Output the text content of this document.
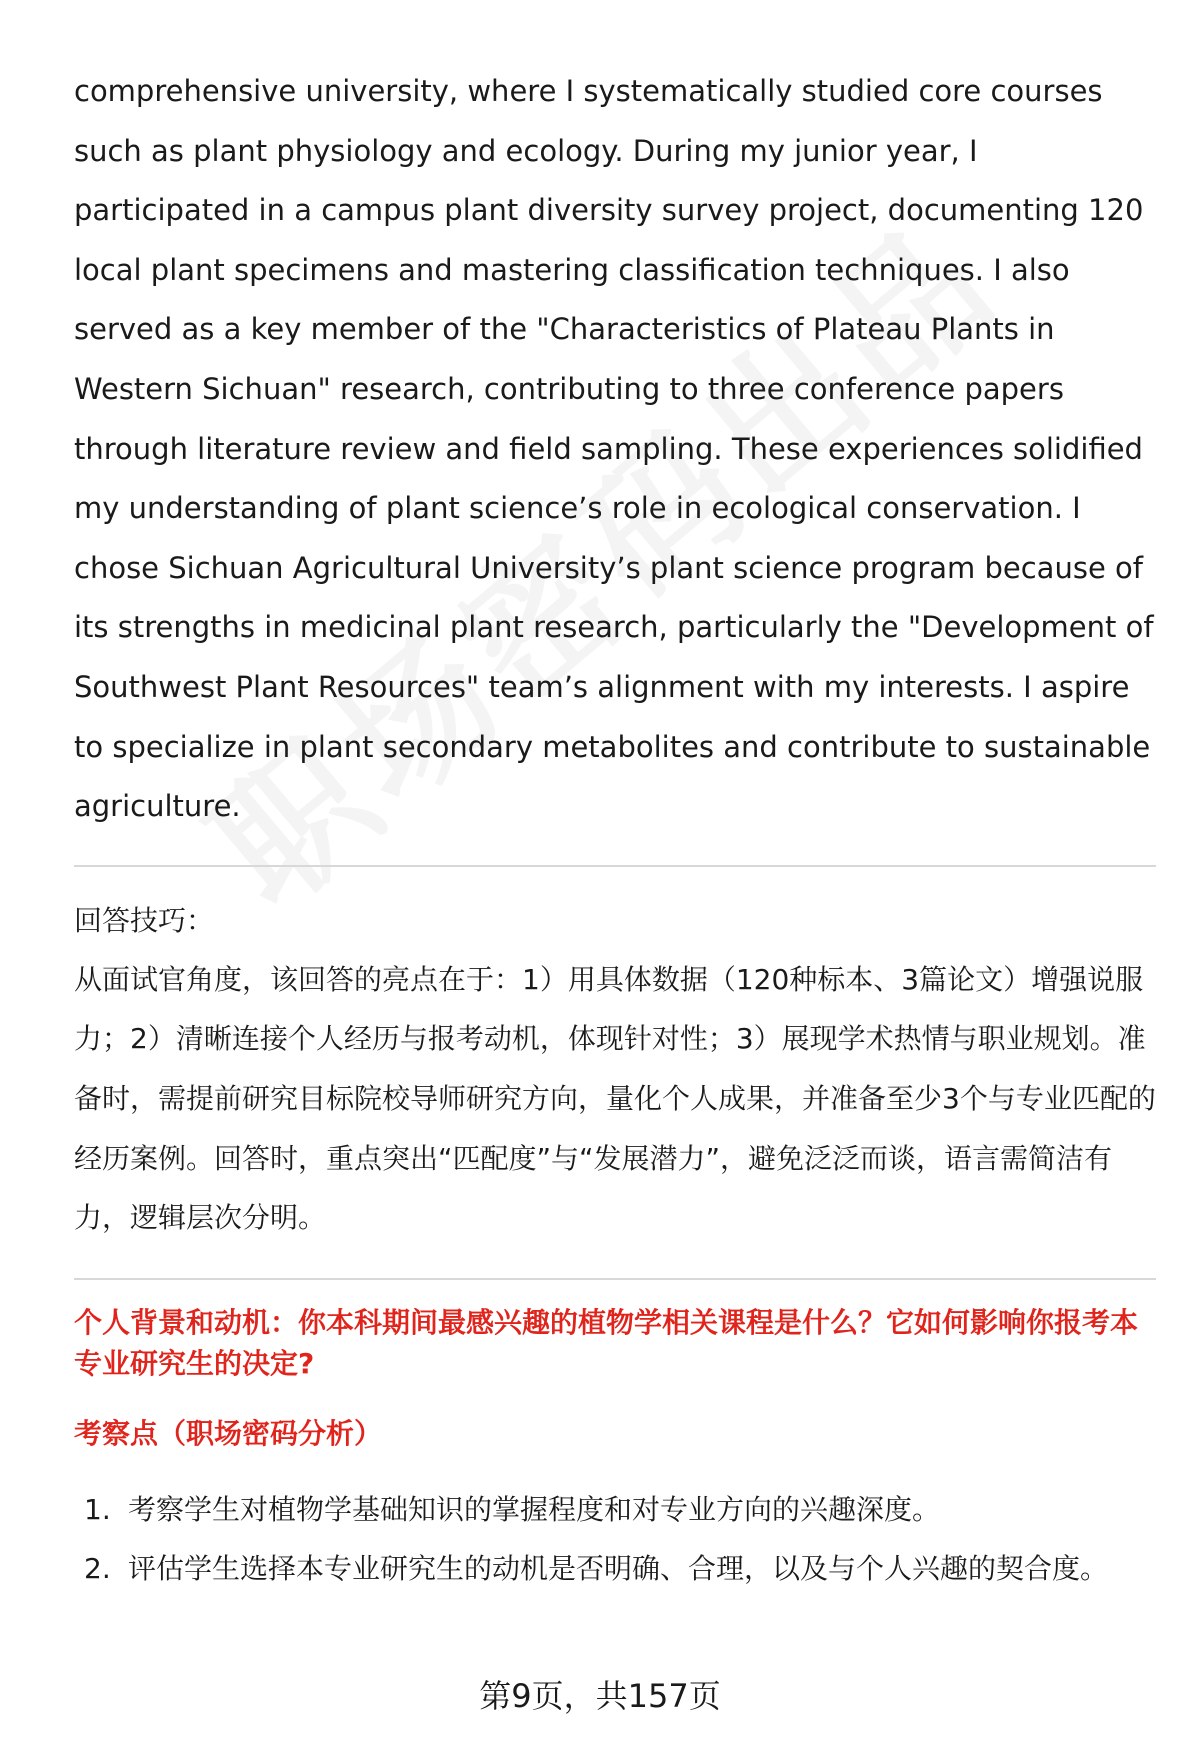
comprehensive university, where I systematically studied core courses such as plant physiology and ecology. During my junior year, I participated in a campus plant diversity survey project, documenting 120 local plant specimens and mastering classification techniques. I also served as a key member of the "Characteristics of Plateau Plants in Western Sichuan" research, contributing to three conference papers through literature review and field sampling. These experiences solidified my understanding of plant science’s role in ecological conservation. I chose Sichuan Agricultural University’s plant science program because of its strengths in medicinal plant research, particularly the "Development of Southwest Plant Resources" team’s alignment with my interests. I aspire to specialize in plant secondary metabolites and contribute to sustainable agriculture.

回答技巧：

从面试官角度，该回答的亮点在于：1）用具体数据（120种标本、3篇论文）增强说服力；2）清晰连接个人经历与报考动机，体现针对性；3）展现学术热情与职业规划。准备时，需提前研究目标院校导师研究方向，量化个人成果，并准备至少3个与专业匹配的经历案例。回答时，重点突出“匹配度”与“发展潜力”，避免泛泛而谈，语言需简洁有力，逻辑层次分明。

个人背景和动机：你本科期间最感兴趣的植物学相关课程是什么？它如何影响你报考本专业研究生的决定?

考察点（职场密码分析）

1. 考察学生对植物学基础知识的掌握程度和对专业方向的兴趣深度。
2. 评估学生选择本专业研究生的动机是否明确、合理，以及与个人兴趣的契合度。
第9页，共157页
